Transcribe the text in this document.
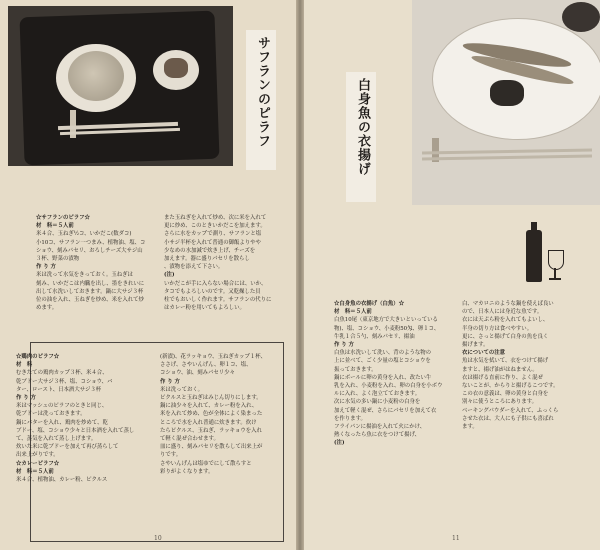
サフランのピラフ	白身魚の衣揚げ
☆サフランのピラフ☆
材　料＝５人前
米４合、玉ねぎ½コ、いかだこ(数ダコ)
小10コ、サフラン一つまみ、植物油、塩、コ
ショウ、刻みパセリ、おろしチーズ大サジ山
３杯、野菜の漬物
作 り 方
米は洗って水気をきっておく。玉ねぎは
刻み、いかだこは内臓を出し、墨をきれいに
出して水洗いしておきます。鍋に大サジ３杯
位の油を入れ、玉ねぎを炒め、米を入れて炒
めます。
また玉ねぎを入れて炒め、次に米を入れて
更に炒め、このときいかだこを加えます。
さらに水をカップで測り、サフランと塩
小サジ半杯を入れて普通の御飯よりやや
少なめの水加減で炊き上げ、チーズを
加えます。器に盛りパセリを散らし
、漬物を添えて下さい。
(注)
いかだこが手に入らない場合には、いか、
タコでもよろしいのです。又乾燥した貝
柱でもおいしく作れます。サフランの代りに
はカレー粉を用いてもよろしい。
☆鶏肉のピラフ☆
材　料
むきたての鶏肉カップ３杯、米４合、
乾ブドー大サジ３杯、塩、コショウ、バ
ター、ロースト、日本酒大サジ３杯
作 り 方
米はマッシュのピラフのときと同じ、
乾ブドーは洗っておきます。
鍋にバターを入れ、鶏肉を炒めて、乾
ブドー、塩、コショウ少々と日本酒を入れて蒸し
て、蒸気を入れて蒸し上げます。
炊いた米に乾ブドーを加えて再び蒸らして
出来上がりです。
☆カレーピラフ☆
材　料＝５人前
米４合、植物油、カレー粉、ピクルス
(新漬)、花ラッキョウ、玉ねぎカップ１杯、
ささげ、さやいんげん、卵１コ、塩、
コショウ、油、刻みパセリ少々
作 り 方
米は洗っておく。
ピクルスと玉ねぎはみじん切りにします。
鍋に油少々を入れて、カレー粉を入れ、
米を入れて炒め、色が全体によく染まった
ところで水を入れ普通に炊きます。炊け
たらピクルス、玉ねぎ、ラッキョウを入れ
て軽く混ぜ合わせます。
皿に盛り、刻みパセリを散らして出来上が
りです。
さやいんげんは塩ゆでにして散らすと
彩りがよくなります。
☆白身魚の衣揚げ（白魚）☆
材　料＝５人前
白魚10尾（東京地方で大きいといっている
物)、塩、コショウ、小麦粉50匁、卵１コ、
牛乳１合５勺、刻みパセリ、揚油
作 り 方
白魚は水洗いして洗い、背のような物の
上に並べて、ごく少量の塩とコショウを
振っておきます。
鍋にボールに卵の黄身を入れ、改たい牛
乳を入れ、小麦粉を入れ、卵の白身を小ボウ
ルに入れ、よく泡立てておきます。
次に水気の多い鍋に小麦粉の白身を
加えて軽く混ぜ、さらにパセリを加えて衣
を作ります。
フライパンに揚油を入れて火にかけ、
熱くなったら魚に衣をつけて揚げ、
(注)
白、マカロニのような鍋を使えば良い
ので、日本人には身近な魚です。
衣には天ぷら粉を入れてもよいし、
半身の切り方は食べやすい。
更に、さっと揚げて白身の魚を良く
揚げます。
衣についての注意
魚は水気を拭いて、衣をつけて揚げ
ますと、揚げ油がはねません。
衣は揚げる直前に作り、よく混ぜ
ないことが、からりと揚げるこつです。
この衣の意義は、卵の黄身と白身を
別々に使うところにあります。
ベーキングパウダーを入れて、ふっくら
させた衣は、大人にも子供にも喜ばれ
ます。
10	11
